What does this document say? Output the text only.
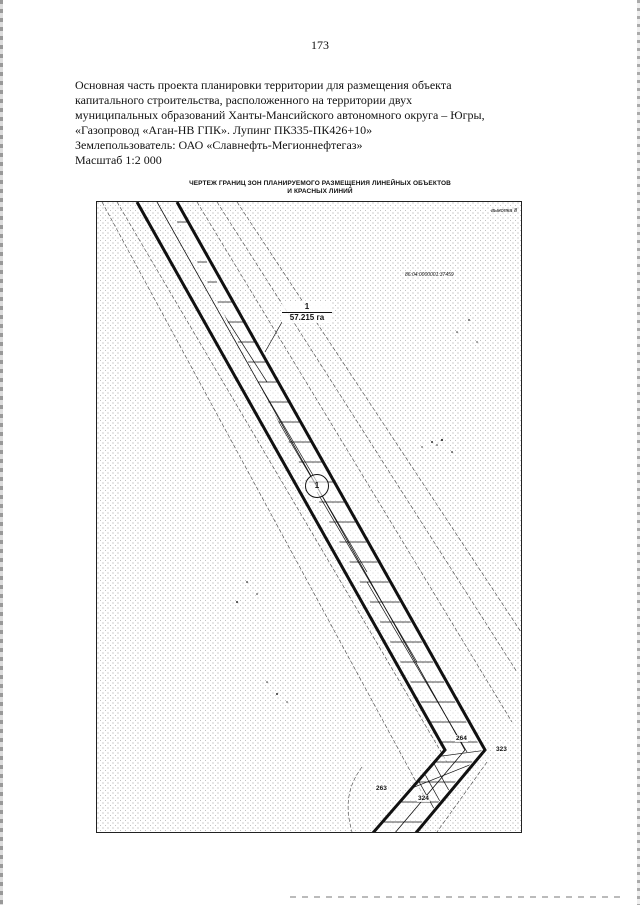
173
Основная часть проекта планировки территории для размещения объекта
капитального строительства, расположенного на территории двух
муниципальных образований Ханты-Мансийского автономного округа – Югры,
«Газопровод «Аган-НВ ГПК». Лупинг ПК335-ПК426+10»
Землепользователь: ОАО «Славнефть-Мегионнефтегаз»
Масштаб 1:2 000
ЧЕРТЕЖ ГРАНИЦ ЗОН ПЛАНИРУЕМОГО РАЗМЕЩЕНИЯ ЛИНЕЙНЫХ ОБЪЕКТОВ
И КРАСНЫХ ЛИНИЙ
выкопка 8
86:04:0000001:37459
1
57.215 га
1
264
323
263
324
